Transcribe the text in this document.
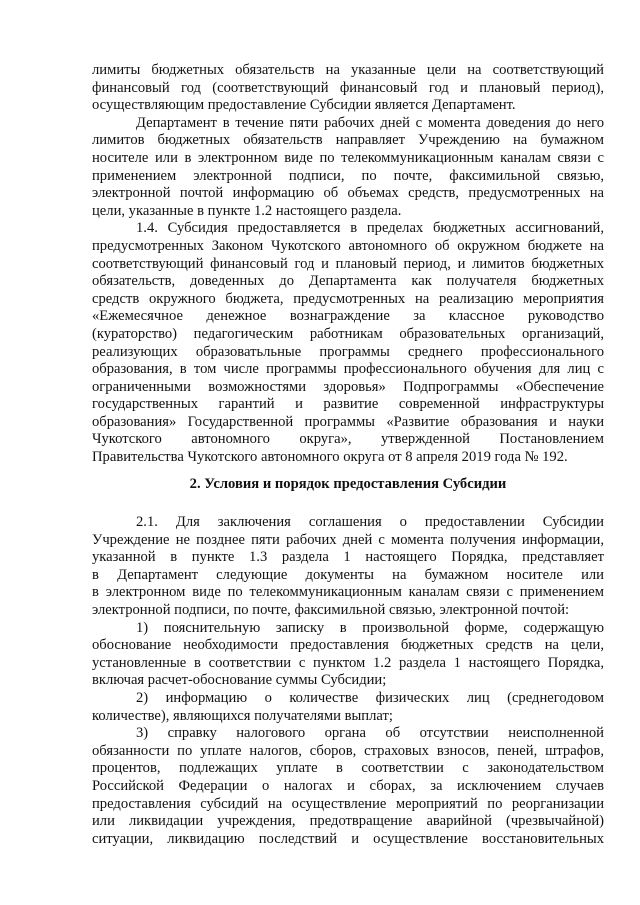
лимиты бюджетных обязательств на указанные цели на соответствующий
финансовый год (соответствующий финансовый год и плановый период),
осуществляющим предоставление Субсидии является Департамент.
Департамент в течение пяти рабочих дней с момента доведения до него
лимитов бюджетных обязательств направляет Учреждению на бумажном
носителе или в электронном виде по телекоммуникационным каналам связи с
применением электронной подписи, по почте, факсимильной связью,
электронной почтой информацию об объемах средств, предусмотренных на
цели, указанные в пункте 1.2 настоящего раздела.
1.4. Субсидия предоставляется в пределах бюджетных ассигнований,
предусмотренных Законом Чукотского автономного об окружном бюджете на
соответствующий финансовый год и плановый период, и лимитов бюджетных
обязательств, доведенных до Департамента как получателя бюджетных
средств окружного бюджета, предусмотренных на реализацию мероприятия
«Ежемесячное денежное вознаграждение за классное руководство
(кураторство) педагогическим работникам образовательных организаций,
реализующих образоватьльные программы среднего профессионального
образования, в том числе программы профессионального обучения для лиц с
ограниченными возможностями здоровья» Подпрограммы «Обеспечение
государственных гарантий и развитие современной инфраструктуры
образования» Государственной программы «Развитие образования и науки
Чукотского автономного округа», утвержденной Постановлением
Правительства Чукотского автономного округа от 8 апреля 2019 года № 192.
2. Условия и порядок предоставления Субсидии
2.1. Для заключения соглашения о предоставлении Субсидии
Учреждение не позднее пяти рабочих дней с момента получения информации,
указанной в пункте 1.3 раздела 1 настоящего Порядка, представляет
в Департамент следующие документы на бумажном носителе или
в электронном виде по телекоммуникационным каналам связи с применением
электронной подписи, по почте, факсимильной связью, электронной почтой:
1) пояснительную записку в произвольной форме, содержащую
обоснование необходимости предоставления бюджетных средств на цели,
установленные в соответствии с пунктом 1.2 раздела 1 настоящего Порядка,
включая расчет-обоснование суммы Субсидии;
2) информацию о количестве физических лиц (среднегодовом
количестве), являющихся получателями выплат;
3) справку налогового органа об отсутствии неисполненной
обязанности по уплате налогов, сборов, страховых взносов, пеней, штрафов,
процентов, подлежащих уплате в соответствии с законодательством
Российской Федерации о налогах и сборах, за исключением случаев
предоставления субсидий на осуществление мероприятий по реорганизации
или ликвидации учреждения, предотвращение аварийной (чрезвычайной)
ситуации, ликвидацию последствий и осуществление восстановительных
